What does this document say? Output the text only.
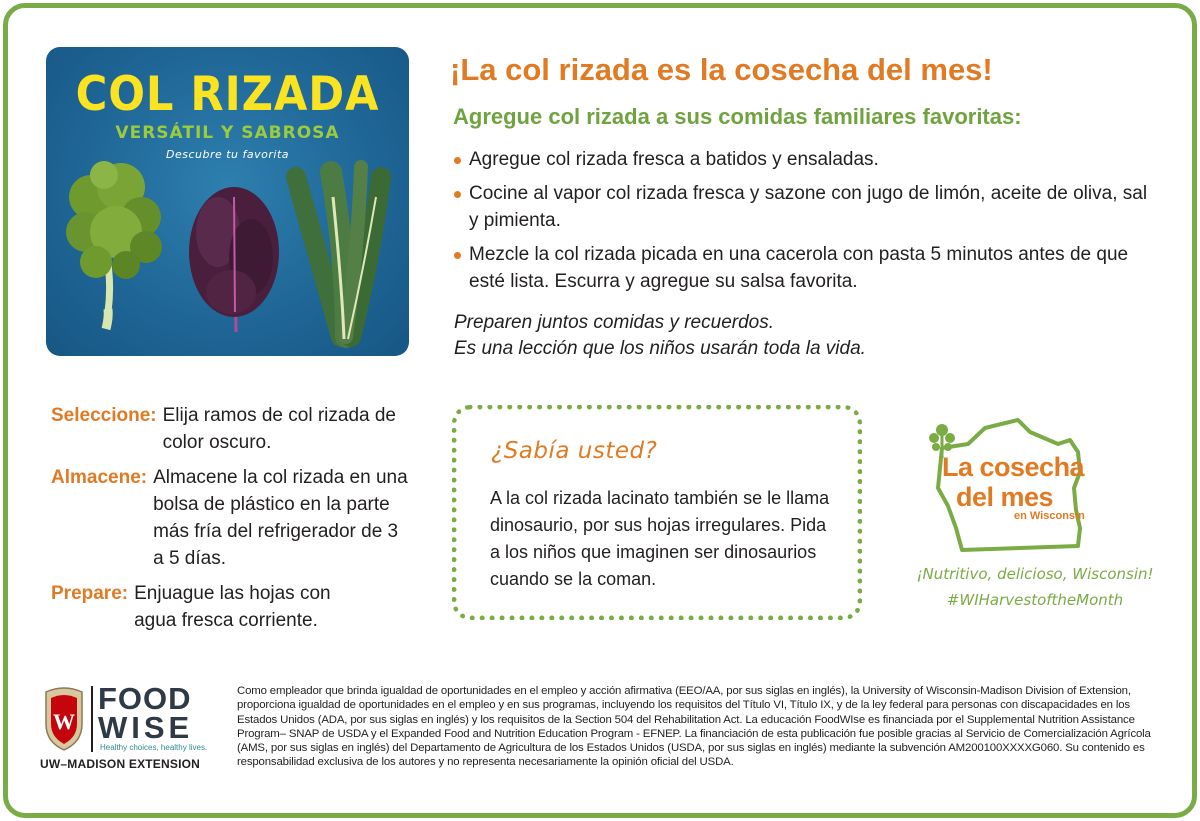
COL RIZADA
VERSÁTIL Y SABROSA
Descubre tu favorita
¡La col rizada es la cosecha del mes!
Agregue col rizada a sus comidas familiares favoritas:
Agregue col rizada fresca a batidos y ensaladas.
Cocine al vapor col rizada fresca y sazone con jugo de limón, aceite de oliva, sal y pimienta.
Mezcle la col rizada picada en una cacerola con pasta 5 minutos antes de que esté lista. Escurra y agregue su salsa favorita.

Preparen juntos comidas y recuerdos.
Es una lección que los niños usarán toda la vida.

Seleccione: Elija ramos de col rizada de color oscuro.
Almacene: Almacene la col rizada en una bolsa de plástico en la parte más fría del refrigerador de 3 a 5 días.
Prepare: Enjuague las hojas con agua fresca corriente.
¿Sabía usted?
A la col rizada lacinato también se le llama dinosaurio, por sus hojas irregulares. Pida a los niños que imaginen ser dinosaurios cuando se la coman.
La cosecha
del mes
en Wisconsin
¡Nutritivo, delicioso, Wisconsin!
#WIHarvestoftheMonth
W
FOOD
WISE
Healthy choices, healthy lives.
UW–MADISON EXTENSION

Como empleador que brinda igualdad de oportunidades en el empleo y acción afirmativa (EEO/AA, por sus siglas en inglés), la University of Wisconsin-Madison Division of Extension, proporciona igualdad de oportunidades en el empleo y en sus programas, incluyendo los requisitos del Título VI, Título IX, y de la ley federal para personas con discapacidades en los Estados Unidos (ADA, por sus siglas en inglés) y los requisitos de la Section 504 del Rehabilitation Act. La educación FoodWIse es financiada por el Supplemental Nutrition Assistance Program– SNAP de USDA y el Expanded Food and Nutrition Education Program - EFNEP. La financiación de esta publicación fue posible gracias al Servicio de Comercialización Agrícola (AMS, por sus siglas en inglés) del Departamento de Agricultura de los Estados Unidos (USDA, por sus siglas en inglés) mediante la subvención AM200100XXXXG060. Su contenido es responsabilidad exclusiva de los autores y no representa necesariamente la opinión oficial del USDA.
